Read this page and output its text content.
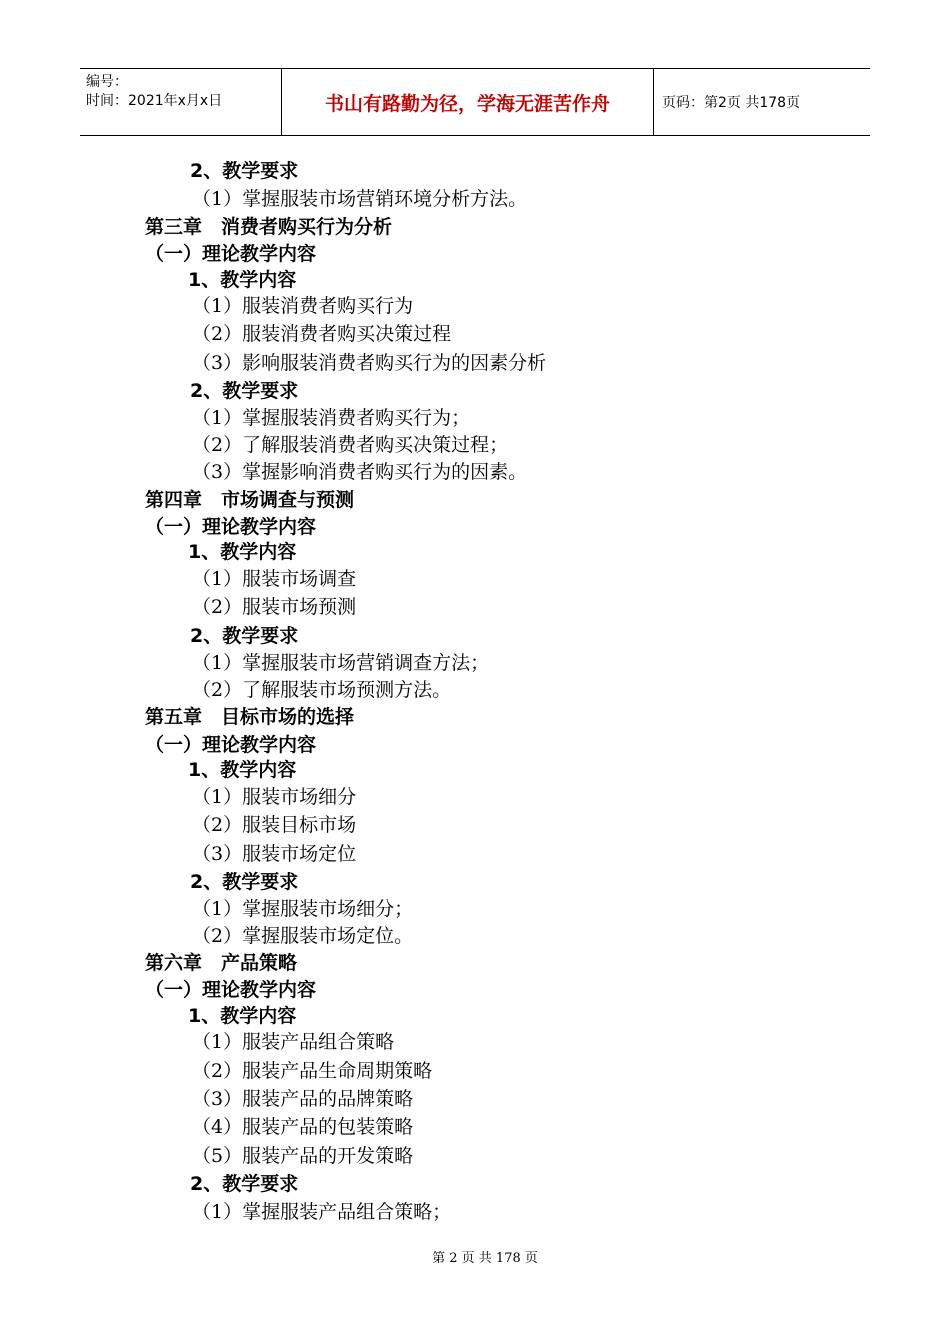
编号：
时间：2021年x月x日	书山有路勤为径，学海无涯苦作舟	页码：第2页 共178页
2、教学要求
（1）掌握服装市场营销环境分析方法。
第三章　消费者购买行为分析
（一）理论教学内容
1、教学内容
（1）服装消费者购买行为
（2）服装消费者购买决策过程
（3）影响服装消费者购买行为的因素分析
2、教学要求
（1）掌握服装消费者购买行为；
（2）了解服装消费者购买决策过程；
（3）掌握影响消费者购买行为的因素。
第四章　市场调查与预测
（一）理论教学内容
1、教学内容
（1）服装市场调查
（2）服装市场预测
2、教学要求
（1）掌握服装市场营销调查方法；
（2）了解服装市场预测方法。
第五章　目标市场的选择
（一）理论教学内容
1、教学内容
（1）服装市场细分
（2）服装目标市场
（3）服装市场定位
2、教学要求
（1）掌握服装市场细分；
（2）掌握服装市场定位。
第六章　产品策略
（一）理论教学内容
1、教学内容
（1）服装产品组合策略
（2）服装产品生命周期策略
（3）服装产品的品牌策略
（4）服装产品的包装策略
（5）服装产品的开发策略
2、教学要求
（1）掌握服装产品组合策略；
第 2 页 共 178 页
